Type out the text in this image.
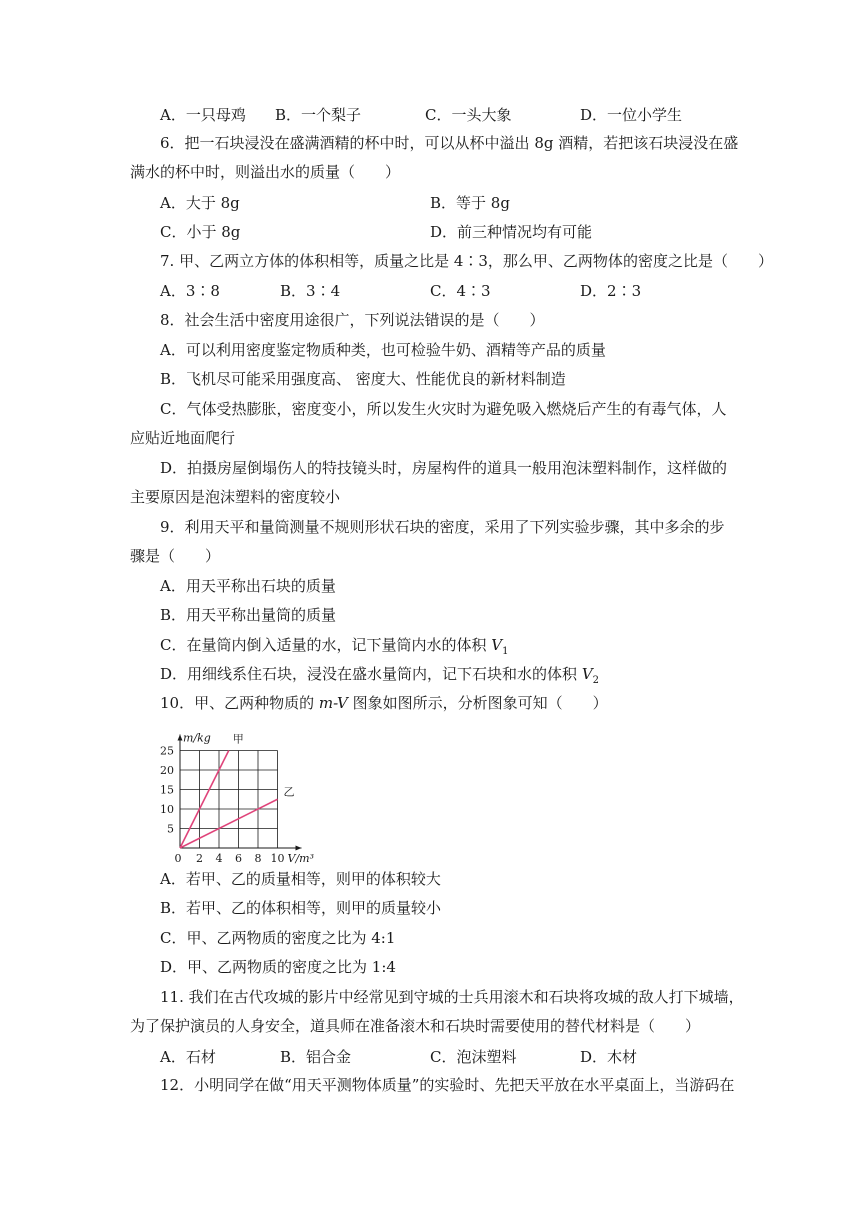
A．一只母鸡	B．一个梨子	C．一头大象	D．一位小学生
6．把一石块浸没在盛满酒精的杯中时，可以从杯中溢出 8g 酒精，若把该石块浸没在盛
满水的杯中时，则溢出水的质量（　　）
A．大于 8g	B．等于 8g
C．小于 8g	D．前三种情况均有可能
7. 甲、乙两立方体的体积相等，质量之比是 4∶3，那么甲、乙两物体的密度之比是（　　）
A．3∶8	B．3∶4	C．4∶3	D．2∶3
8．社会生活中密度用途很广，下列说法错误的是（　　）
A．可以利用密度鉴定物质种类，也可检验牛奶、酒精等产品的质量
B．飞机尽可能采用强度高、 密度大、性能优良的新材料制造
C．气体受热膨胀，密度变小，所以发生火灾时为避免吸入燃烧后产生的有毒气体，人
应贴近地面爬行
D．拍摄房屋倒塌伤人的特技镜头时，房屋构件的道具一般用泡沫塑料制作，这样做的
主要原因是泡沫塑料的密度较小
9．利用天平和量筒测量不规则形状石块的密度，采用了下列实验步骤，其中多余的步
骤是（　　）
A．用天平称出石块的质量
B．用天平称出量筒的质量
C．在量筒内倒入适量的水，记下量筒内水的体积 $V_1$
D．用细线系住石块，浸没在盛水量筒内，记下石块和水的体积 $V_2$
10．甲、乙两种物质的 m-V 图象如图所示，分析图象可知（　　）
2 4 6 8 10
5
10
15
20
25
0
m/kg
V/m³
甲
乙
A．若甲、乙的质量相等，则甲的体积较大
B．若甲、乙的体积相等，则甲的质量较小
C．甲、乙两物质的密度之比为 4:1
D．甲、乙两物质的密度之比为 1:4
11. 我们在古代攻城的影片中经常见到守城的士兵用滚木和石块将攻城的敌人打下城墙，
为了保护演员的人身安全，道具师在准备滚木和石块时需要使用的替代材料是（　　）
A．石材	B．铝合金	C．泡沫塑料	D．木材
12．小明同学在做“用天平测物体质量”的实验时、先把天平放在水平桌面上，当游码在
